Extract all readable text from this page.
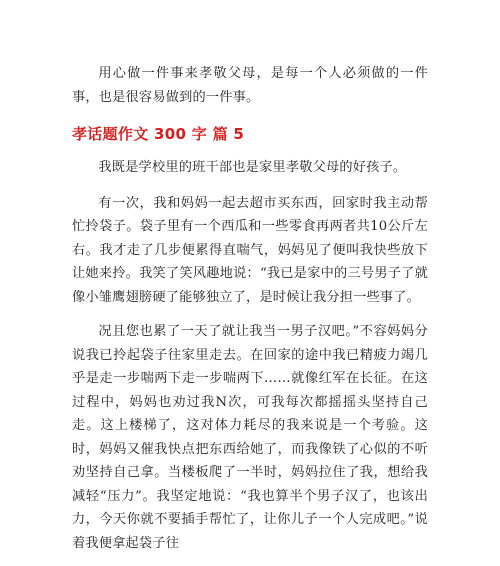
用心做一件事来孝敬父母，是每一个人必须做的一件事，也是很容易做到的一件事。

孝话题作文 300 字 篇 5

我既是学校里的班干部也是家里孝敬父母的好孩子。

有一次，我和妈妈一起去超市买东西，回家时我主动帮忙拎袋子。袋子里有一个西瓜和一些零食再两者共10公斤左右。我才走了几步便累得直喘气，妈妈见了便叫我快些放下让她来拎。我笑了笑风趣地说：“我已是家中的三号男子了就像小雏鹰翅膀硬了能够独立了，是时候让我分担一些事了。

况且您也累了一天了就让我当一男子汉吧。”不容妈妈分说我已拎起袋子往家里走去。在回家的途中我已精疲力竭几乎是走一步喘两下走一步喘两下……就像红军在长征。在这过程中，妈妈也劝过我N次，可我每次都摇摇头坚持自己走。这上楼梯了，这对体力耗尽的我来说是一个考验。这时，妈妈又催我快点把东西给她了，而我像铁了心似的不听劝坚持自己拿。当楼板爬了一半时，妈妈拉住了我，想给我减轻“压力”。我坚定地说：“我也算半个男子汉了，也该出力，今天你就不要插手帮忙了，让你儿子一个人完成吧。”说着我便拿起袋子往
